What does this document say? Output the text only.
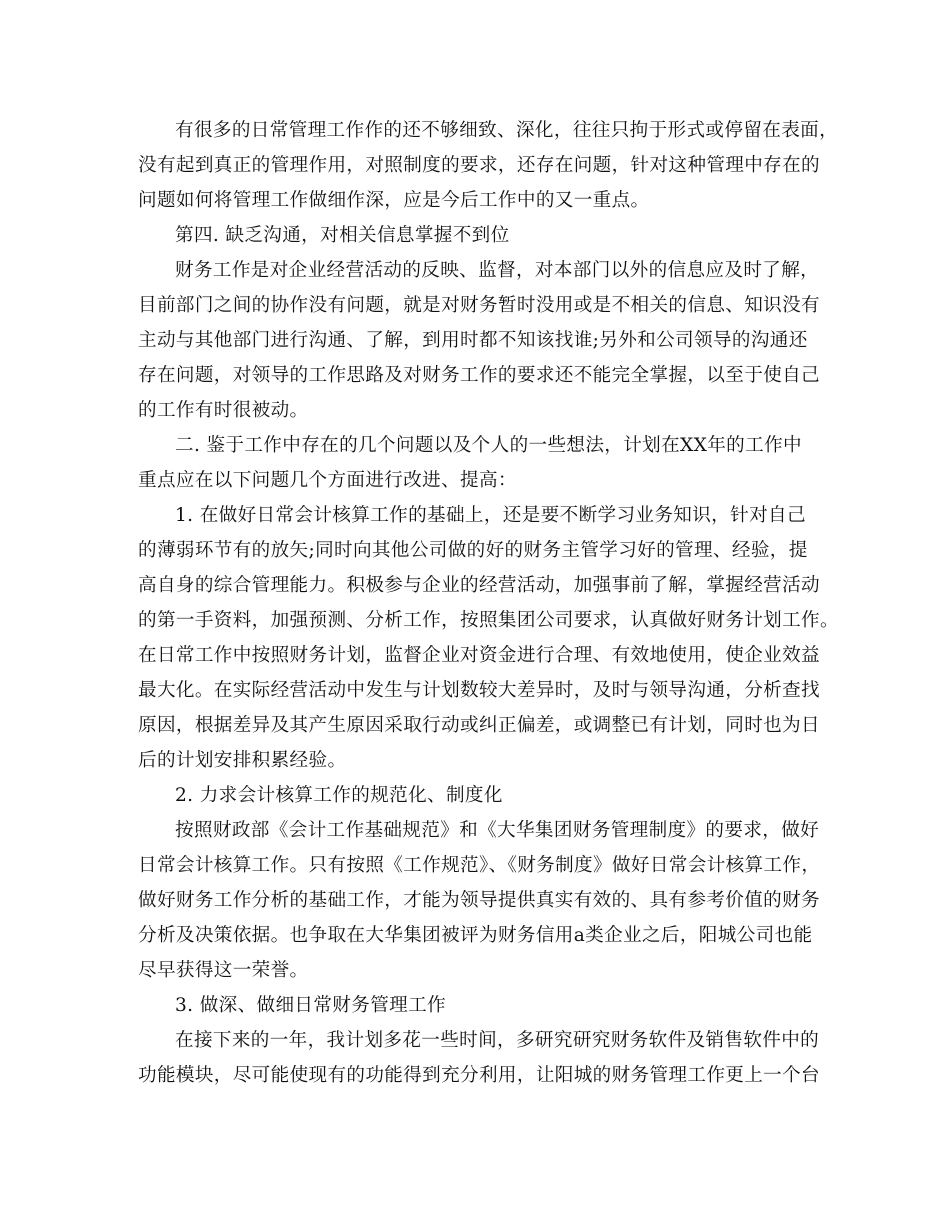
有很多的日常管理工作作的还不够细致、深化，往往只拘于形式或停留在表面，
没有起到真正的管理作用，对照制度的要求，还存在问题，针对这种管理中存在的
问题如何将管理工作做细作深，应是今后工作中的又一重点。
第四. 缺乏沟通，对相关信息掌握不到位
财务工作是对企业经营活动的反映、监督，对本部门以外的信息应及时了解，
目前部门之间的协作没有问题，就是对财务暂时没用或是不相关的信息、知识没有
主动与其他部门进行沟通、了解，到用时都不知该找谁;另外和公司领导的沟通还
存在问题，对领导的工作思路及对财务工作的要求还不能完全掌握，以至于使自己
的工作有时很被动。
二. 鉴于工作中存在的几个问题以及个人的一些想法，计划在XX年的工作中
重点应在以下问题几个方面进行改进、提高：
1. 在做好日常会计核算工作的基础上，还是要不断学习业务知识，针对自己
的薄弱环节有的放矢;同时向其他公司做的好的财务主管学习好的管理、经验，提
高自身的综合管理能力。积极参与企业的经营活动，加强事前了解，掌握经营活动
的第一手资料，加强预测、分析工作，按照集团公司要求，认真做好财务计划工作。
在日常工作中按照财务计划，监督企业对资金进行合理、有效地使用，使企业效益
最大化。在实际经营活动中发生与计划数较大差异时，及时与领导沟通，分析查找
原因，根据差异及其产生原因采取行动或纠正偏差，或调整已有计划，同时也为日
后的计划安排积累经验。
2. 力求会计核算工作的规范化、制度化
按照财政部《会计工作基础规范》和《大华集团财务管理制度》的要求，做好
日常会计核算工作。只有按照《工作规范》、《财务制度》做好日常会计核算工作，
做好财务工作分析的基础工作，才能为领导提供真实有效的、具有参考价值的财务
分析及决策依据。也争取在大华集团被评为财务信用a类企业之后，阳城公司也能
尽早获得这一荣誉。
3. 做深、做细日常财务管理工作
在接下来的一年，我计划多花一些时间，多研究研究财务软件及销售软件中的
功能模块，尽可能使现有的功能得到充分利用，让阳城的财务管理工作更上一个台
